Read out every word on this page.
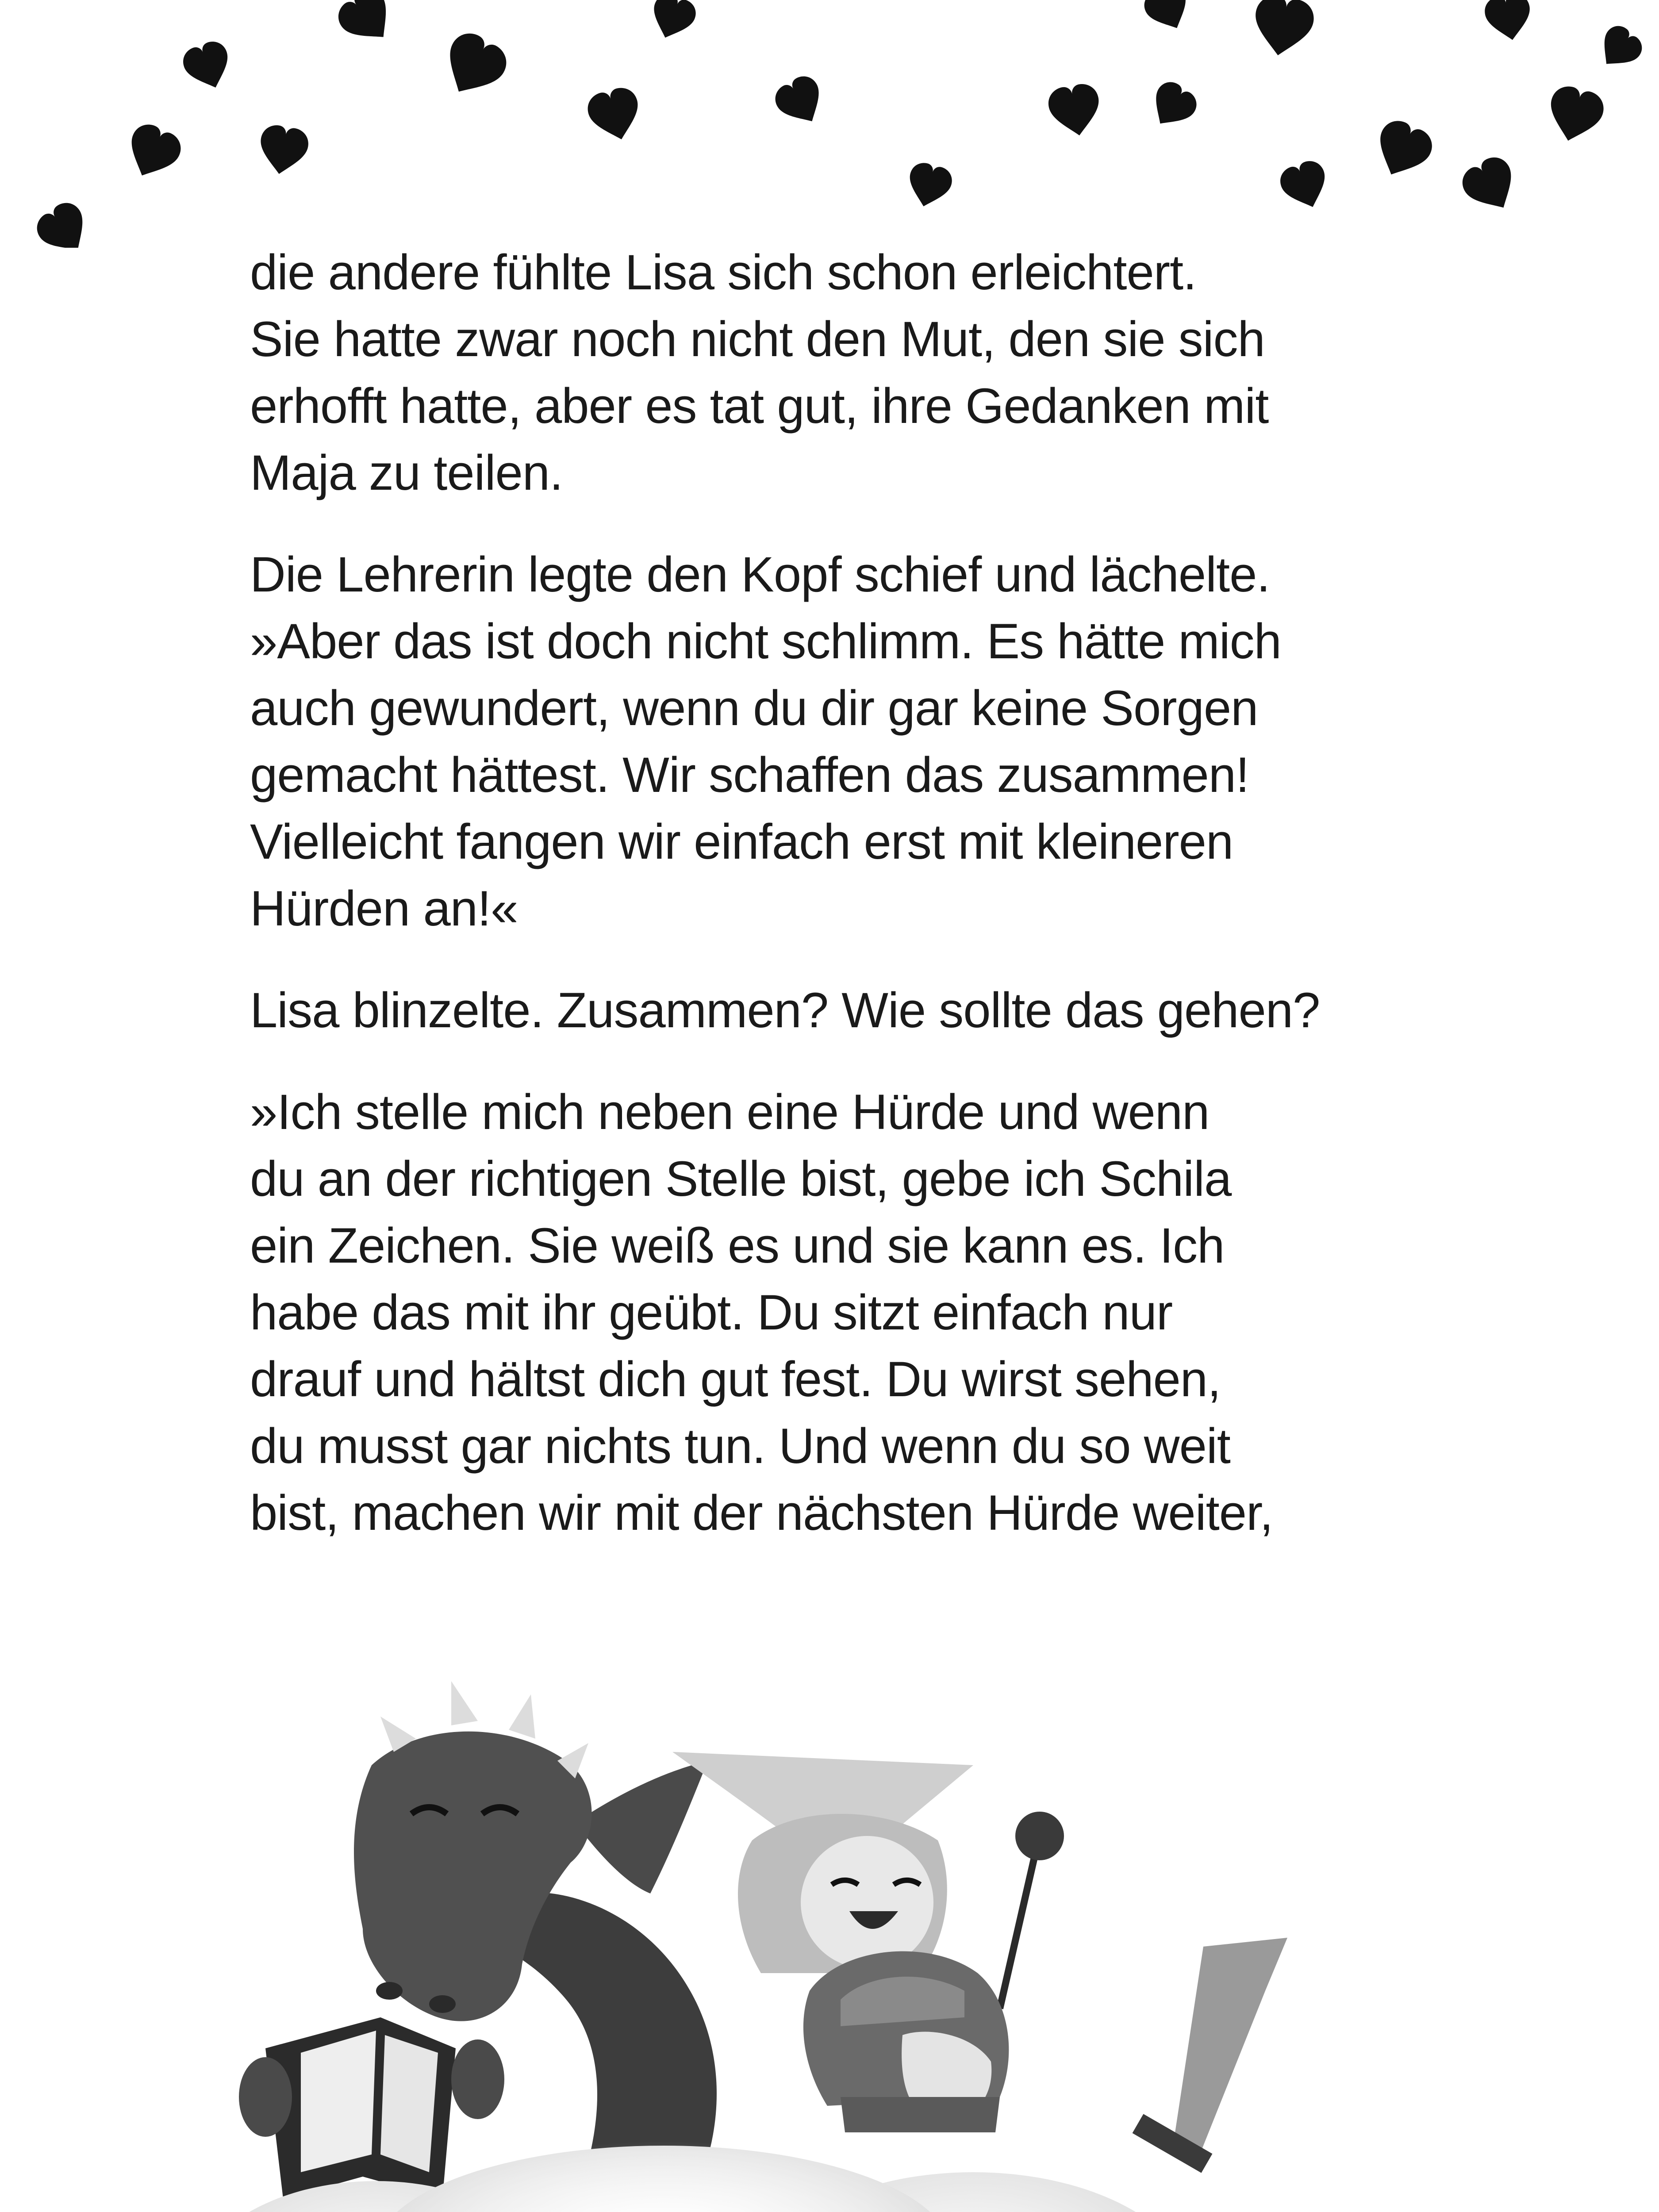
die andere fühlte Lisa sich schon erleichtert.
Sie hatte zwar noch nicht den Mut, den sie sich
erhofft hatte, aber es tat gut, ihre Gedanken mit
Maja zu teilen.

Die Lehrerin legte den Kopf schief und lächelte.
»Aber das ist doch nicht schlimm. Es hätte mich
auch gewundert, wenn du dir gar keine Sorgen
gemacht hättest. Wir schaffen das zusammen!
Vielleicht fangen wir einfach erst mit kleineren
Hürden an!«

Lisa blinzelte. Zusammen? Wie sollte das gehen?

»Ich stelle mich neben eine Hürde und wenn
du an der richtigen Stelle bist, gebe ich Schila
ein Zeichen. Sie weiß es und sie kann es. Ich
habe das mit ihr geübt. Du sitzt einfach nur
drauf und hältst dich gut fest. Du wirst sehen,
du musst gar nichts tun. Und wenn du so weit
bist, machen wir mit der nächsten Hürde weiter,
